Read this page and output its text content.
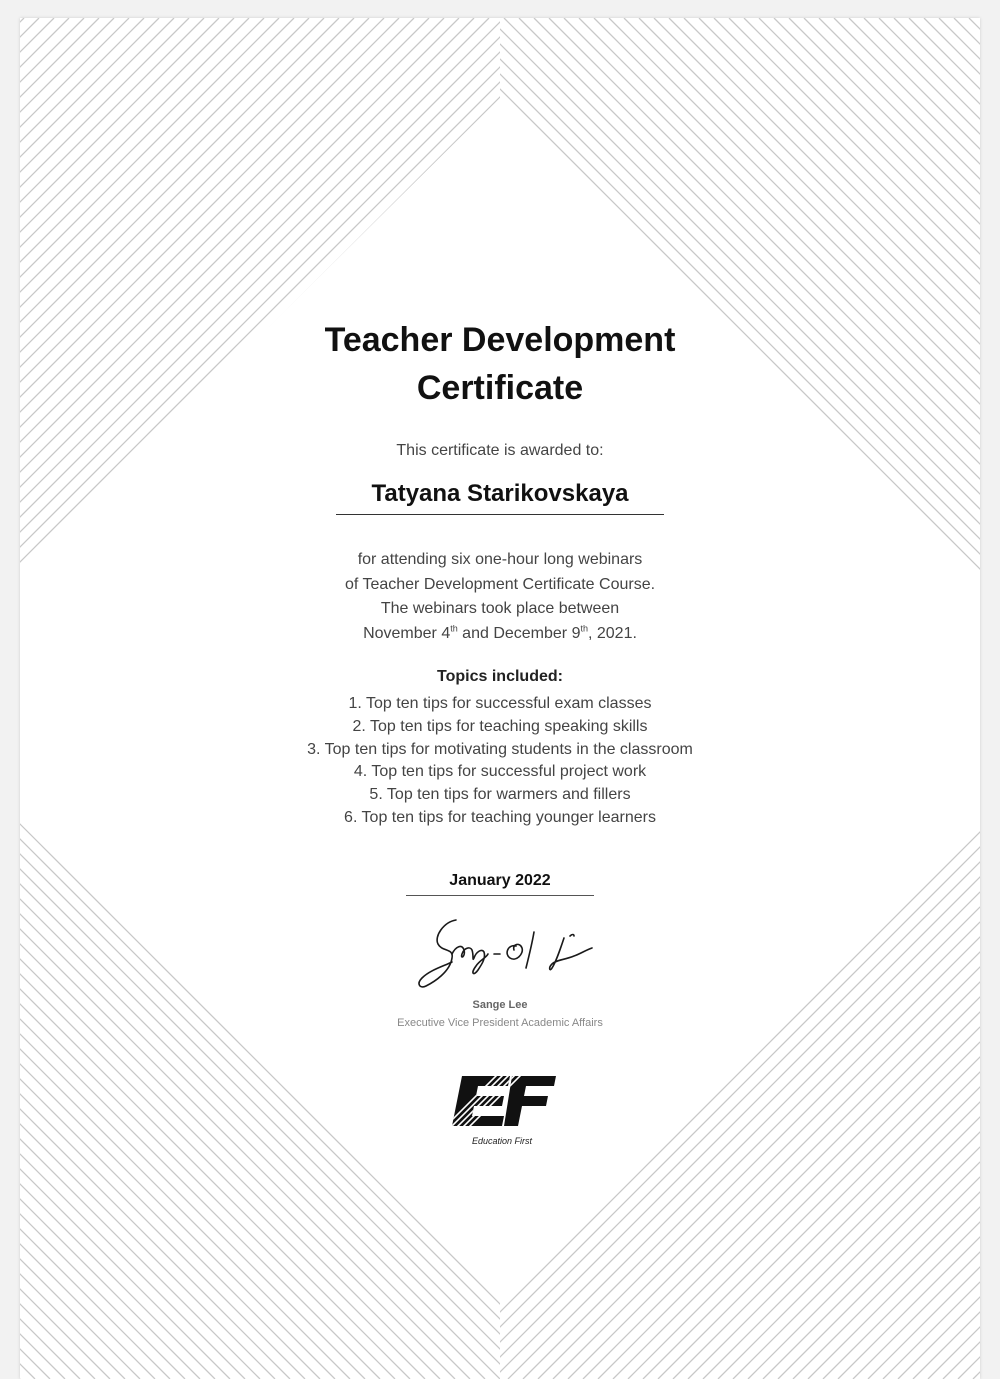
Teacher Development
Certificate
This certificate is awarded to:
Tatyana Starikovskaya
for attending six one-hour long webinars
of Teacher Development Certificate Course.
The webinars took place between
November 4th and December 9th, 2021.
Topics included:
1. Top ten tips for successful exam classes
2. Top ten tips for teaching speaking skills
3. Top ten tips for motivating students in the classroom
4. Top ten tips for successful project work
5. Top ten tips for warmers and fillers
6. Top ten tips for teaching younger learners
January 2022
Sange Lee
Executive Vice President Academic Affairs
Education First
